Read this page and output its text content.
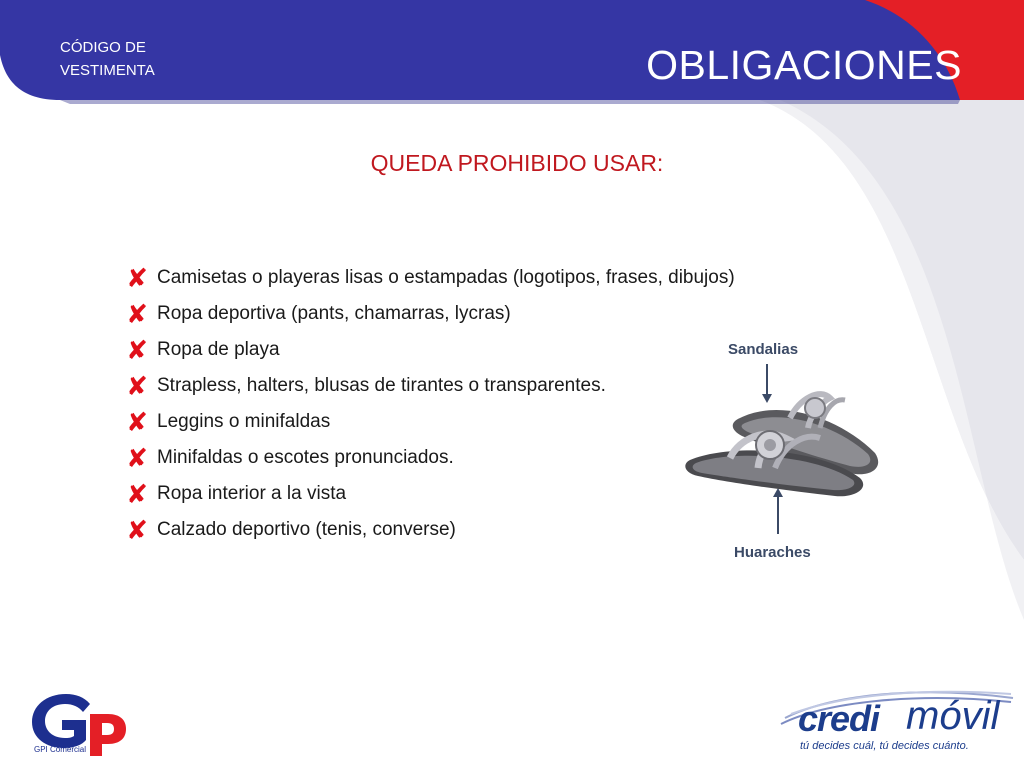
CÓDIGO DE
VESTIMENTA	OBLIGACIONES
QUEDA PROHIBIDO USAR:
✘ Camisetas o playeras lisas o estampadas (logotipos, frases, dibujos)
✘ Ropa deportiva (pants, chamarras, lycras)
✘ Ropa de playa
✘ Strapless, halters, blusas de tirantes o transparentes.
✘ Leggins o minifaldas
✘ Minifaldas o escotes pronunciados.
✘ Ropa interior a la vista
✘ Calzado deportivo (tenis, converse)
Sandalias
Huaraches
GPI Comercial
credi móvil
tú decides cuál, tú decides cuánto.
